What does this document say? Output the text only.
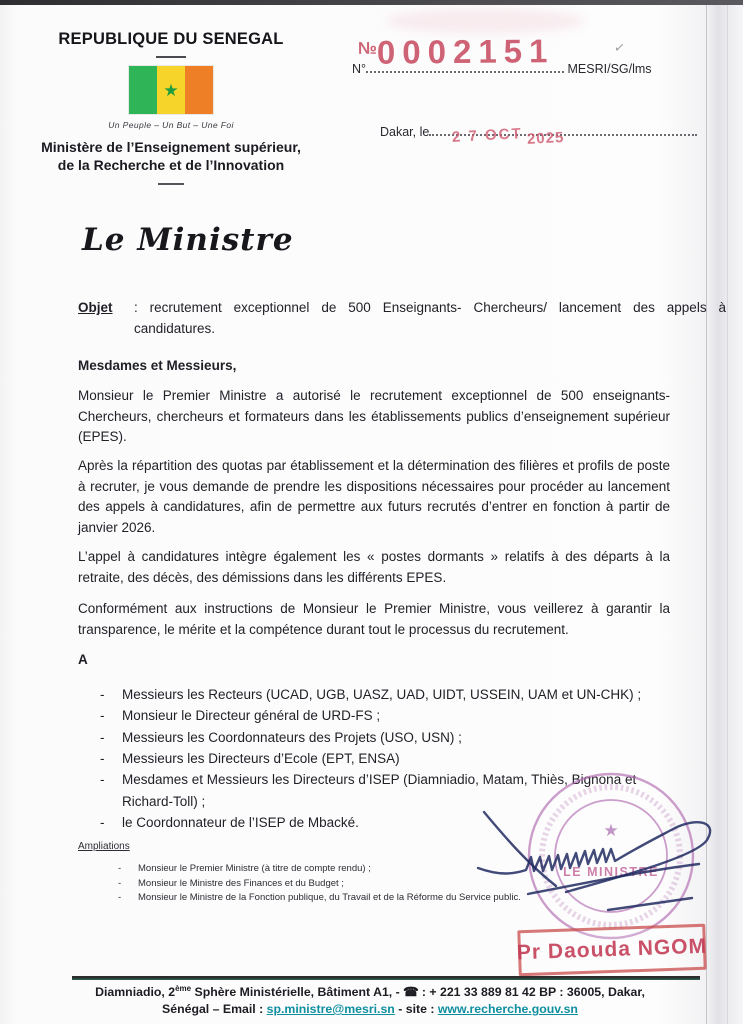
REPUBLIQUE DU SENEGAL
★
Un Peuple – Un But – Une Foi
Ministère de l’Enseignement supérieur, de la Recherche et de l’Innovation
N°	MESRI/SG/lms
№0002151	✓
Dakar, le	2 7 OCT 2025
Le Ministre
Objet : recrutement exceptionnel de 500 Enseignants- Chercheurs/ lancement des appels à candidatures.
Mesdames et Messieurs,
Monsieur le Premier Ministre a autorisé le recrutement exceptionnel de 500 enseignants- Chercheurs, chercheurs et formateurs dans les établissements publics d’enseignement supérieur (EPES).
Après la répartition des quotas par établissement et la détermination des filières et profils de poste à recruter, je vous demande de prendre les dispositions nécessaires pour procéder au lancement des appels à candidatures, afin de permettre aux futurs recrutés d’entrer en fonction à partir de janvier 2026.
L’appel à candidatures intègre également les « postes dormants » relatifs à des départs à la retraite, des décès, des démissions dans les différents EPES.
Conformément aux instructions de Monsieur le Premier Ministre, vous veillerez à garantir la transparence, le mérite et la compétence durant tout le processus du recrutement.
A
- Messieurs les Recteurs (UCAD, UGB, UASZ, UAD, UIDT, USSEIN, UAM et UN-CHK) ;
- Monsieur le Directeur général de URD-FS ;
- Messieurs les Coordonnateurs des Projets (USO, USN) ;
- Messieurs les Directeurs d’Ecole (EPT, ENSA)
- Mesdames et Messieurs les Directeurs d’ISEP (Diamniadio, Matam, Thiès, Bignona et Richard-Toll) ;
- le Coordonnateur de l’ISEP de Mbacké.
Ampliations
- Monsieur le Premier Ministre (à titre de compte rendu) ;
- Monsieur le Ministre des Finances et du Budget ;
- Monsieur le Ministre de la Fonction publique, du Travail et de la Réforme du Service public.
★
LE MINISTRE
Pr Daouda NGOM
Diamniadio, 2ème Sphère Ministérielle, Bâtiment A1, - ☎ : + 221 33 889 81 42 BP : 36005, Dakar,
Sénégal – Email : sp.ministre@mesri.sn - site : www.recherche.gouv.sn
